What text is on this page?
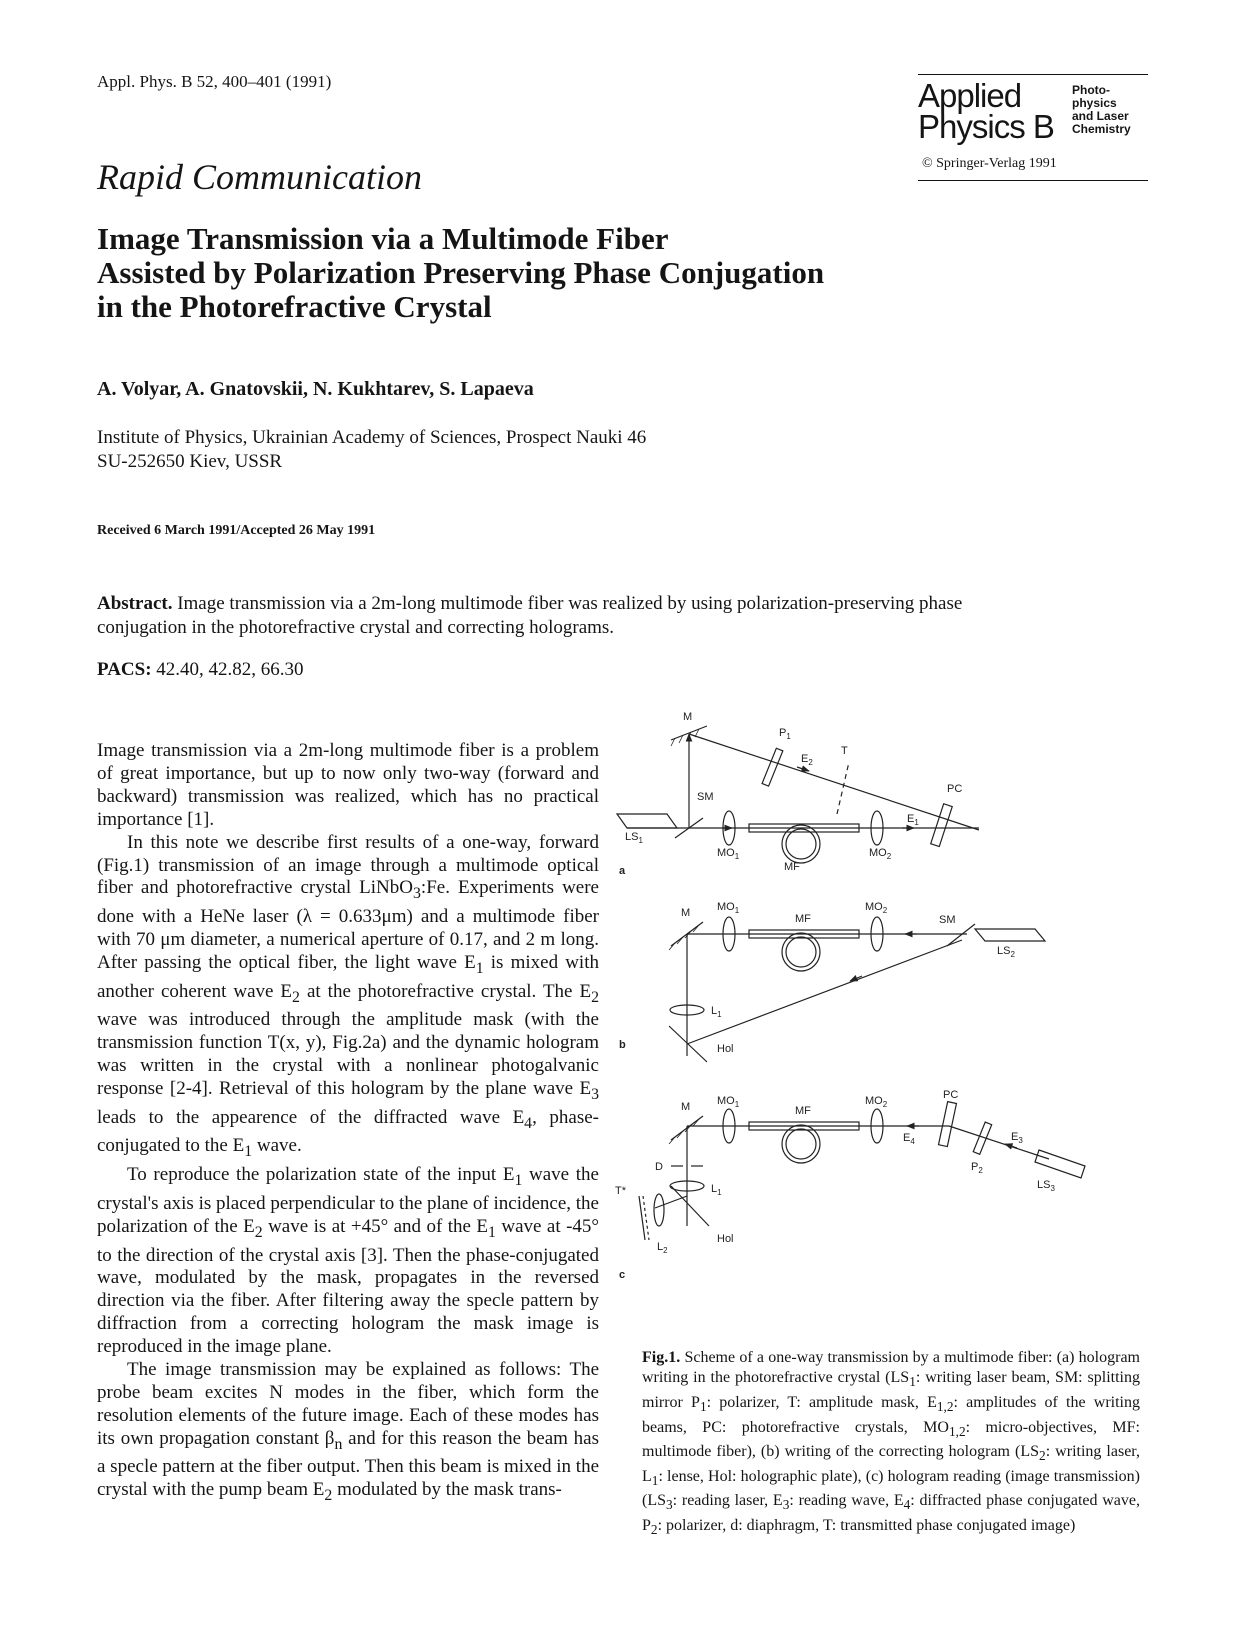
Appl. Phys. B 52, 400–401 (1991)
Rapid Communication
Applied
Physics B
Photo-
physics
and Laser
Chemistry
© Springer-Verlag 1991
Image Transmission via a Multimode Fiber
Assisted by Polarization Preserving Phase Conjugation
in the Photorefractive Crystal
A. Volyar, A. Gnatovskii, N. Kukhtarev, S. Lapaeva
Institute of Physics, Ukrainian Academy of Sciences, Prospect Nauki 46
SU-252650 Kiev, USSR
Received 6 March 1991/Accepted 26 May 1991
Abstract. Image transmission via a 2m-long multimode fiber was realized by using polarization-preserving phase conjugation in the photorefractive crystal and correcting holograms.
PACS: 42.40, 42.82, 66.30

Image transmission via a 2m-long multimode fiber is a problem of great importance, but up to now only two-way (forward and backward) transmission was realized, which has no practical importance [1].

In this note we describe first results of a one-way, forward (Fig.1) transmission of an image through a multimode optical fiber and photorefractive crystal LiNbO$_3$:Fe. Experiments were done with a HeNe laser (λ = 0.633μm) and a multimode fiber with 70 μm diameter, a numerical aperture of 0.17, and 2 m long. After passing the optical fiber, the light wave $E_1$ is mixed with another coherent wave $E_2$ at the photorefractive crystal. The $E_2$ wave was introduced through the amplitude mask (with the transmission function T(x, y), Fig.2a) and the dynamic hologram was written in the crystal with a nonlinear photogalvanic response [2-4]. Retrieval of this hologram by the plane wave $E_3$ leads to the appearence of the diffracted wave $E_4$, phase-conjugated to the $E_1$ wave.

To reproduce the polarization state of the input $E_1$ wave the crystal's axis is placed perpendicular to the plane of incidence, the polarization of the $E_2$ wave is at +45° and of the $E_1$ wave at -45° to the direction of the crystal axis [3]. Then the phase-conjugated wave, modulated by the mask, propagates in the reversed direction via the fiber. After filtering away the specle pattern by diffraction from a correcting hologram the mask image is reproduced in the image plane.

The image transmission may be explained as follows: The probe beam excites N modes in the fiber, which form the resolution elements of the future image. Each of these modes has its own propagation constant $\beta_n$ and for this reason the beam has a specle pattern at the fiber output. Then this beam is mixed in the crystal with the pump beam $E_2$ modulated by the mask trans-

M
$P_1$
$E_2$
T
PC
SM
$LS_1$
$MO_1$
MF
$MO_2$
$E_1$
a
M $MO_1$
MF
$MO_2$
SM
$LS_2$
$L_1$
Hol
b
M $MO_1$
MF
$MO_2$
PC
$E_4$	$E_3$
$P_2$
$LS_3$
D
$L_1$
T*
$L_2$
Hol
c
Fig.1. Scheme of a one-way transmission by a multimode fiber: (a) hologram writing in the photorefractive crystal ($LS_1$: writing laser beam, SM: splitting mirror $P_1$: polarizer, T: amplitude mask, $E_{1,2}$: amplitudes of the writing beams, PC: photorefractive crystals, $MO_{1,2}$: micro-objectives, MF: multimode fiber), (b) writing of the correcting hologram ($LS_2$: writing laser, $L_1$: lense, Hol: holographic plate), (c) hologram reading (image transmission) ($LS_3$: reading laser, $E_3$: reading wave, $E_4$: diffracted phase conjugated wave, $P_2$: polarizer, d: diaphragm, T: transmitted phase conjugated image)
